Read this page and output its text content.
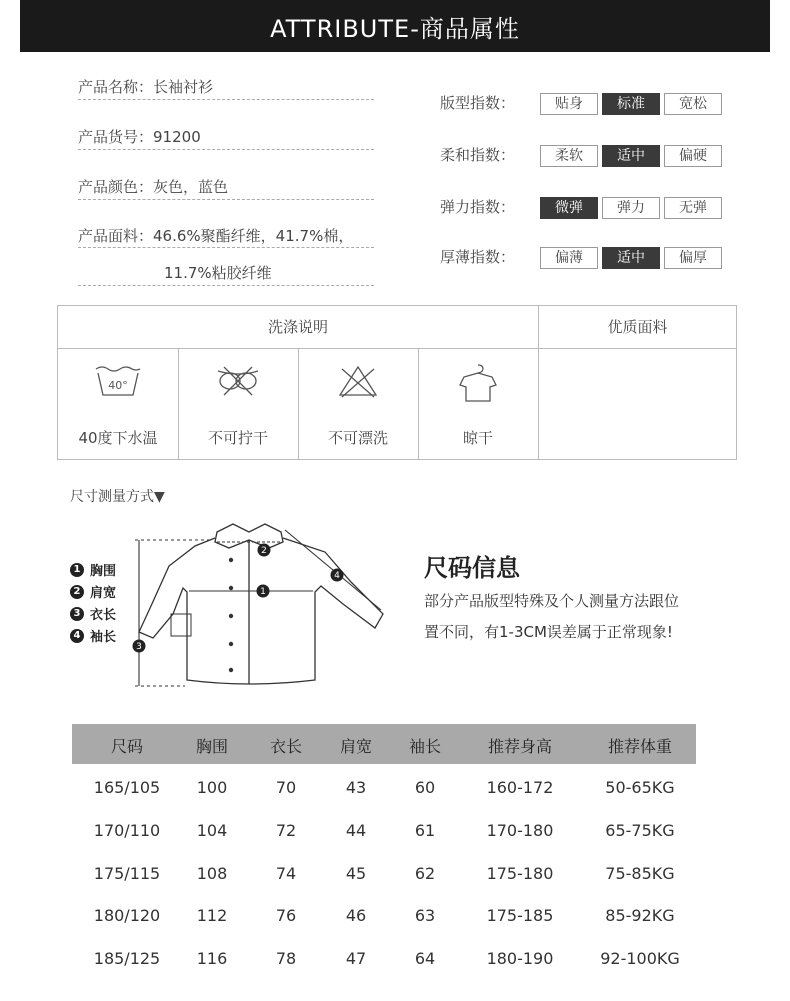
ATTRIBUTE-商品属性
产品名称：长袖衬衫
产品货号：91200
产品颜色：灰色，蓝色
产品面料：46.6%聚酯纤维，41.7%棉，
11.7%粘胶纤维
版型指数：	贴身	标准	宽松
柔和指数：	柔软	适中	偏硬
弹力指数：	微弹	弹力	无弹
厚薄指数：	偏薄	适中	偏厚
洗涤说明	优质面料
40°
40度下水温	不可拧干	不可漂洗	晾干
尺寸测量方式▼
1 胸围
2 肩宽
3 衣长
4 袖长
3
1
2
4	尺码信息
部分产品版型特殊及个人测量方法跟位
置不同，有1-3CM误差属于正常现象!
尺码	胸围	衣长	肩宽	袖长	推荐身高	推荐体重
165/105	100	70	43	60	160-172	50-65KG
170/110	104	72	44	61	170-180	65-75KG
175/115	108	74	45	62	175-180	75-85KG
180/120	112	76	46	63	175-185	85-92KG
185/125	116	78	47	64	180-190	92-100KG
